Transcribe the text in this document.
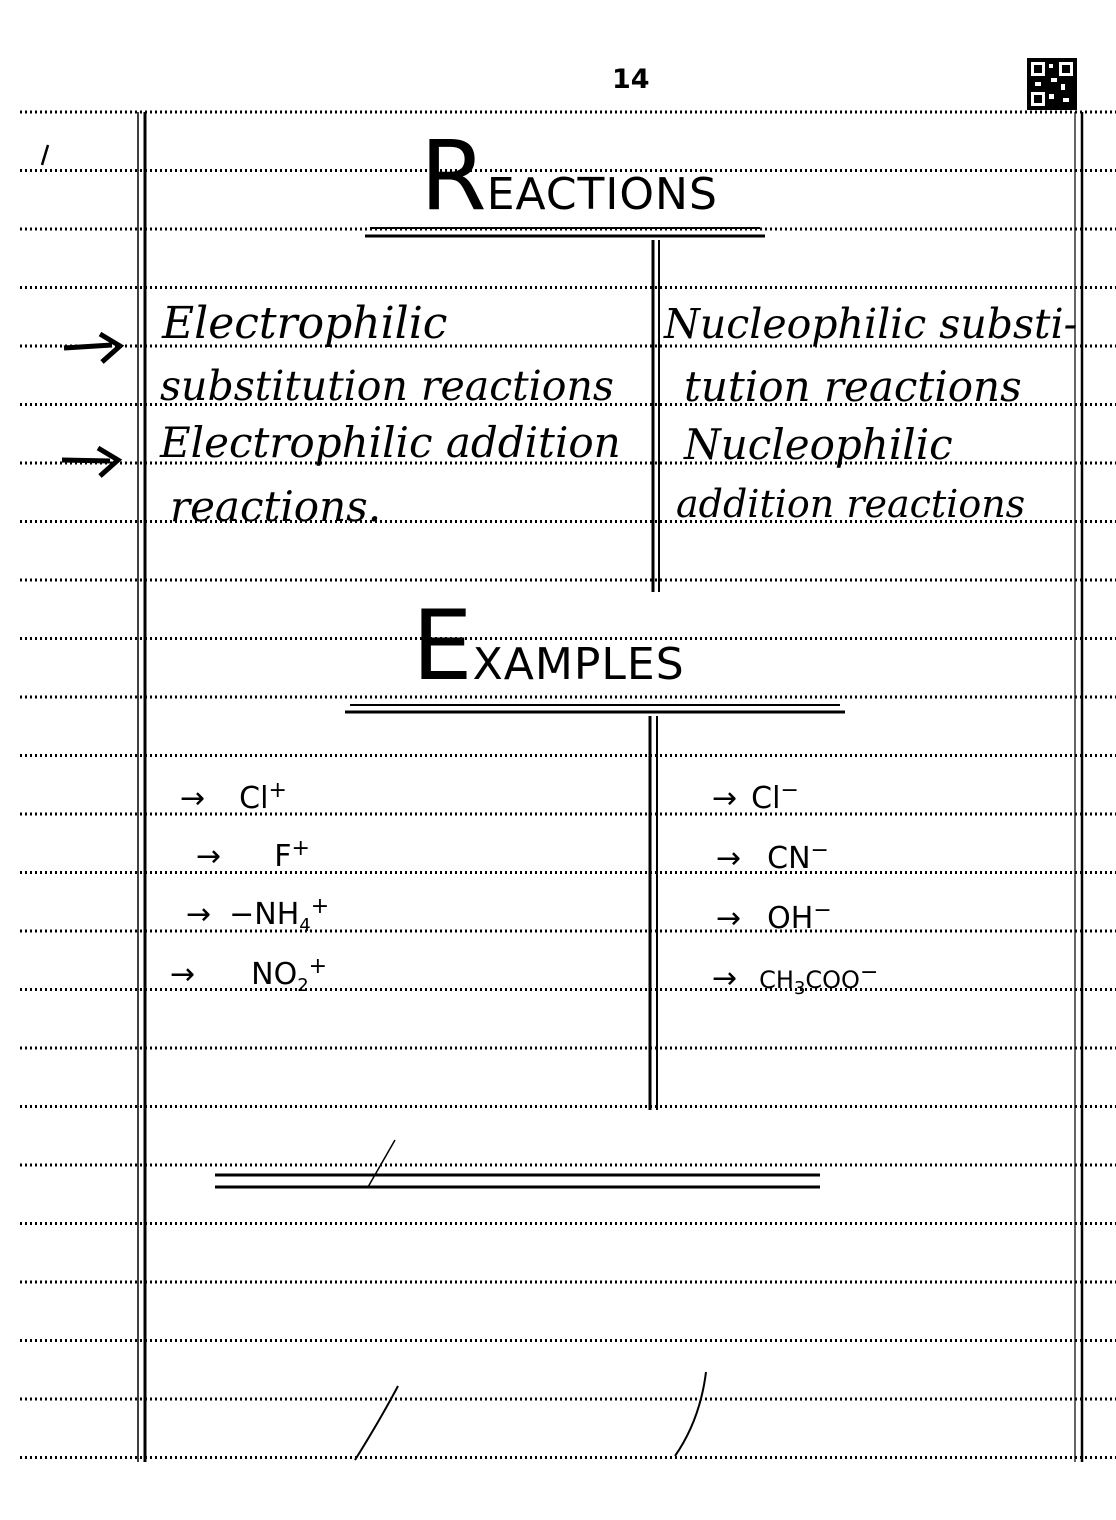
14
REACTIONS
Electrophilic
substitution reactions
Electrophilic addition
reactions.
Nucleophilic substi-
tution reactions
Nucleophilic
addition reactions
EXAMPLES
→ Cl+
→ F+
→ $-NH_4^+$
→ $NO_2^+$
→ Cl−
→ CN−
→ OH−
→ $CH_3COO^-$
